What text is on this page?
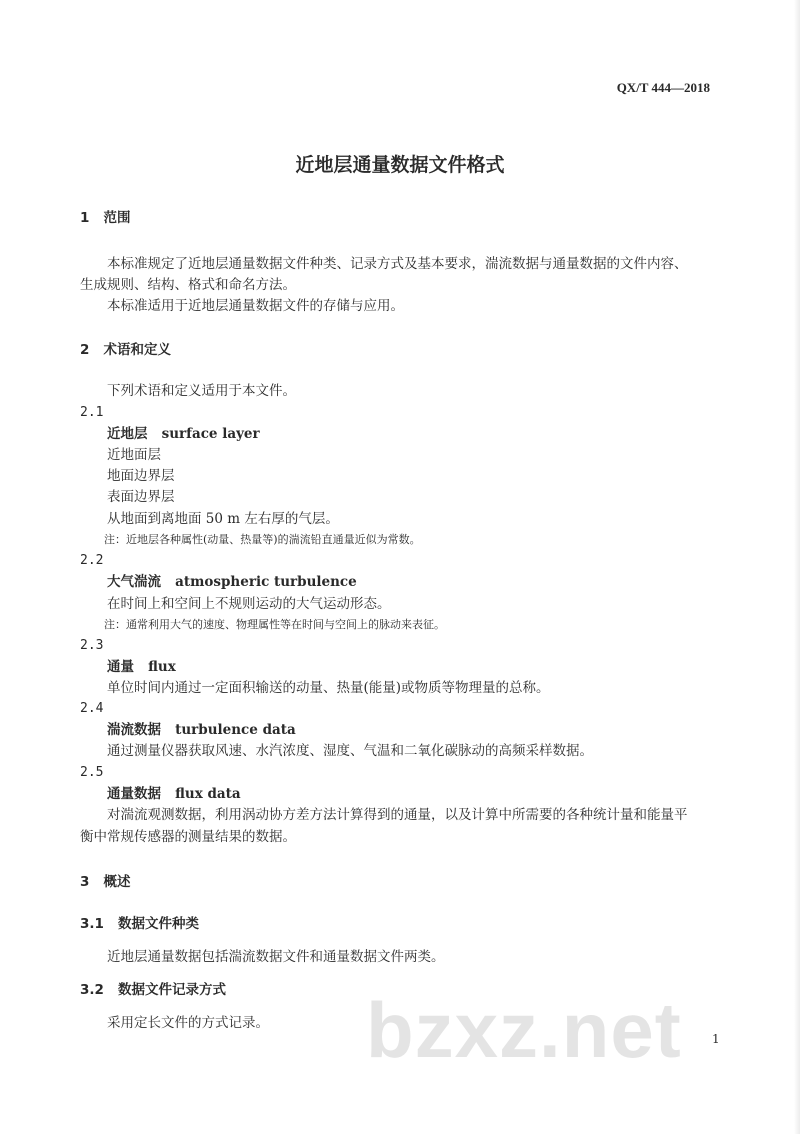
QX/T 444—2018
近地层通量数据文件格式
1 范围
本标准规定了近地层通量数据文件种类、记录方式及基本要求，湍流数据与通量数据的文件内容、
生成规则、结构、格式和命名方法。
本标准适用于近地层通量数据文件的存储与应用。
2 术语和定义
下列术语和定义适用于本文件。
2.1
近地层 surface layer
近地面层
地面边界层
表面边界层
从地面到离地面 50 m 左右厚的气层。
注：近地层各种属性(动量、热量等)的湍流铅直通量近似为常数。
2.2
大气湍流 atmospheric turbulence
在时间上和空间上不规则运动的大气运动形态。
注：通常利用大气的速度、物理属性等在时间与空间上的脉动来表征。
2.3
通量 flux
单位时间内通过一定面积输送的动量、热量(能量)或物质等物理量的总称。
2.4
湍流数据 turbulence data
通过测量仪器获取风速、水汽浓度、湿度、气温和二氧化碳脉动的高频采样数据。
2.5
通量数据 flux data
对湍流观测数据，利用涡动协方差方法计算得到的通量，以及计算中所需要的各种统计量和能量平
衡中常规传感器的测量结果的数据。
3 概述
3.1 数据文件种类
近地层通量数据包括湍流数据文件和通量数据文件两类。
3.2 数据文件记录方式
采用定长文件的方式记录。 bzxz.net	1
